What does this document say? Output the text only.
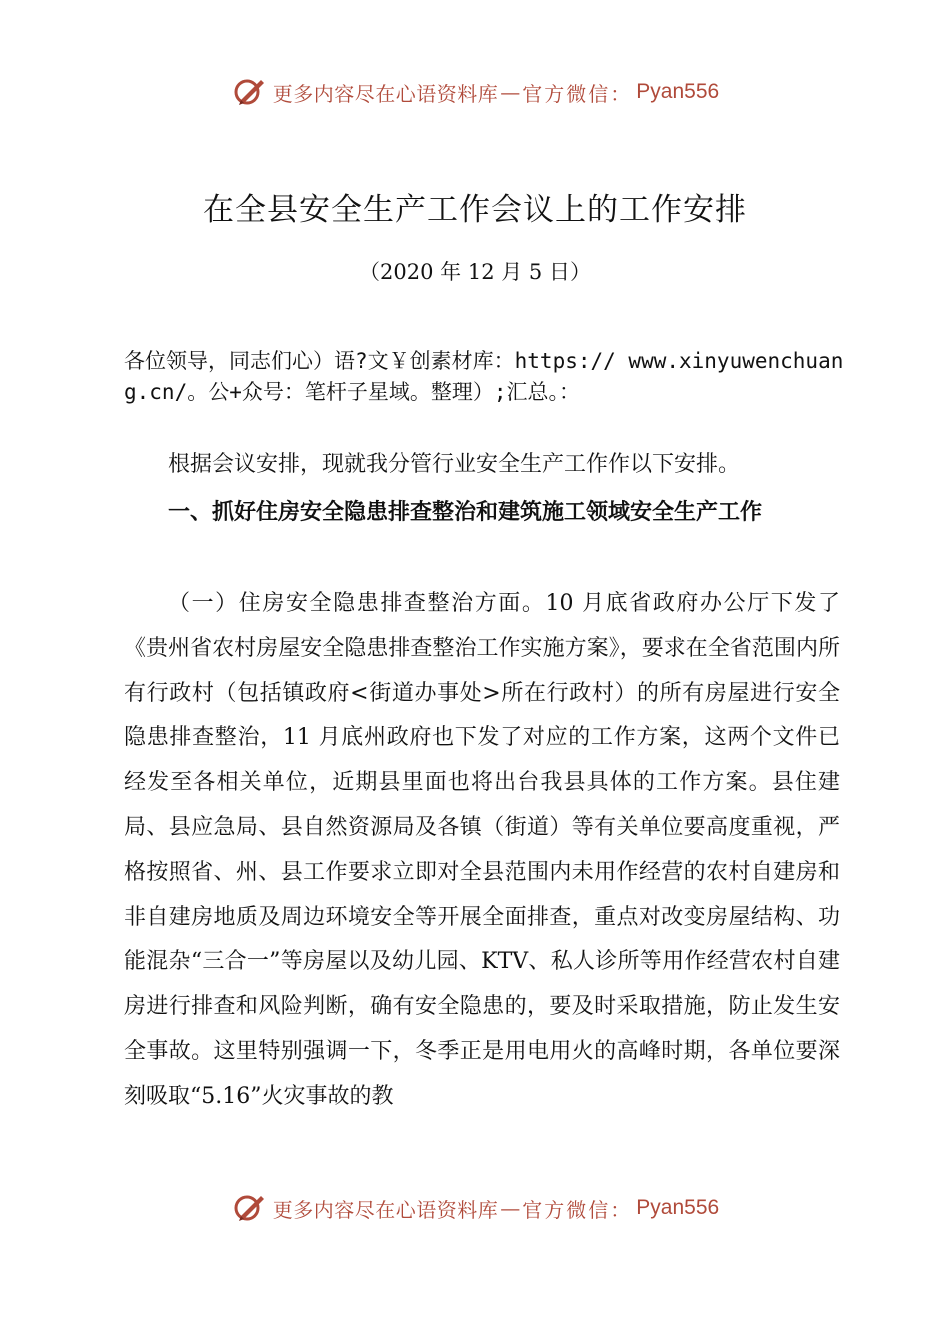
更多内容尽在心语资料库 — 官方微信： Pyan556
在全县安全生产工作会议上的工作安排
（2020 年 12 月 5 日）
各位领导，同志们心）语?文￥创素材库：https:// www.xinyuwenchuang.cn/。公+众号：笔杆子星域。整理）;汇总。：
根据会议安排，现就我分管行业安全生产工作作以下安排。
一、抓好住房安全隐患排查整治和建筑施工领域安全生产工作
（一）住房安全隐患排查整治方面。10 月底省政府办公厅下发了《贵州省农村房屋安全隐患排查整治工作实施方案》，要求在全省范围内所有行政村（包括镇政府<街道办事处>所在行政村）的所有房屋进行安全隐患排查整治，11 月底州政府也下发了对应的工作方案，这两个文件已经发至各相关单位，近期县里面也将出台我县具体的工作方案。县住建局、县应急局、县自然资源局及各镇（街道）等有关单位要高度重视，严格按照省、州、县工作要求立即对全县范围内未用作经营的农村自建房和非自建房地质及周边环境安全等开展全面排查，重点对改变房屋结构、功能混杂“三合一”等房屋以及幼儿园、KTV、私人诊所等用作经营农村自建房进行排查和风险判断，确有安全隐患的，要及时采取措施，防止发生安全事故。这里特别强调一下，冬季正是用电用火的高峰时期，各单位要深刻吸取“5.16”火灾事故的教
更多内容尽在心语资料库 — 官方微信： Pyan556
